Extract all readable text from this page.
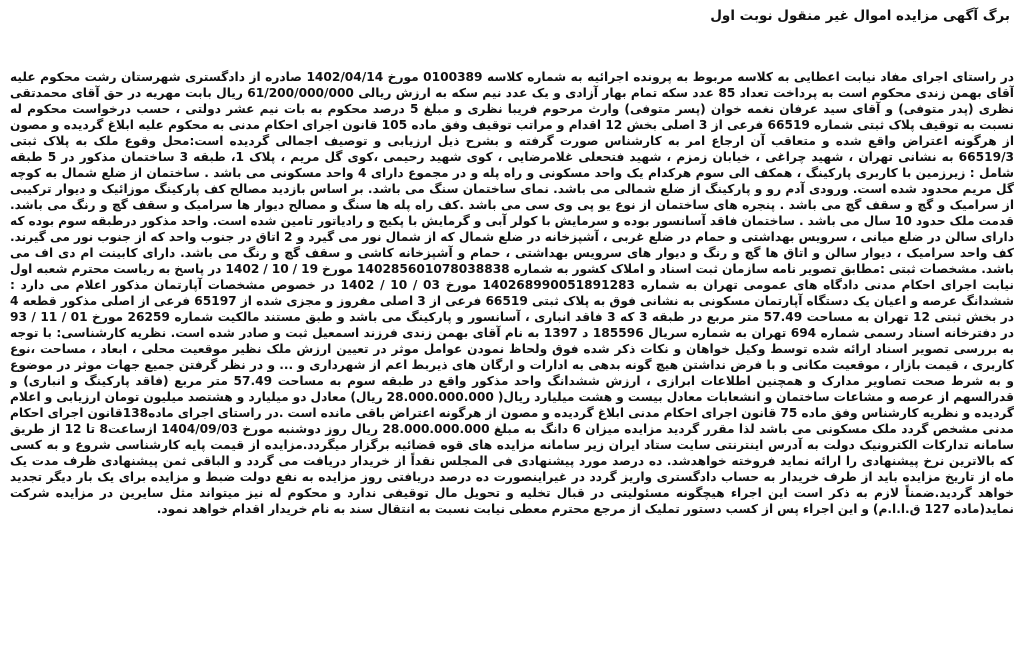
برگ آگهی مزایده اموال غیر منقول نوبت اول
در راستای اجرای مفاد نیابت اعطایی به کلاسه مربوط به پرونده اجرائیه به شماره کلاسه 0100389 مورخ 1402/04/14 صادره از دادگستری شهرستان رشت محکوم علیه آقای بهمن زندی محکوم است به پرداخت تعداد 85 عدد سکه تمام بهار آزادی و یک عدد نیم سکه به ارزش ریالی 61/200/000/000 ریال بابت مهریه در حق آقای محمدتقی نظری (پدر متوفی) و آقای سید عرفان نغمه خوان (پسر متوفی) وارث مرحوم فریبا نظری و مبلغ 5 درصد محکوم به بات نیم عشر دولتی ، حسب درخواست محکوم له نسبت به توقیف پلاک ثبتی شماره 66519 فرعی از 3 اصلی بخش 12 اقدام و مراتب توقیف وفق ماده 105 قانون اجرای احکام مدنی به محکوم علیه ابلاغ گردیده و مصون از هرگونه اعتراض واقع شده و متعاقب آن ارجاع امر به کارشناس صورت گرفته و بشرح ذیل ارزیابی و توصیف اجمالی گردیده است:محل وقوع ملک به پلاک ثبتی 66519/3 به نشانی تهران ، شهید چراغی ، خیابان زمزم ، شهید فتحعلی غلامرضایی ، کوی شهید رحیمی ،کوی گل مریم ، پلاک 1، طبقه 3 ساختمان مذکور در 5 طبقه شامل : زیرزمین با کاربری پارکینگ ، همکف الی سوم هرکدام یک واحد مسکونی و راه پله و در مجموع دارای 4 واحد مسکونی می باشد . ساختمان از ضلع شمال به کوچه گل مریم محدود شده است. ورودی آدم رو و پارکینگ از ضلع شمالی می باشد. نمای ساختمان سنگ می باشد. بر اساس بازدید مصالح کف پارکینگ موزائیک و دیوار ترکیبی از سرامیک و گچ و سقف گچ می باشد . پنجره های ساختمان از نوع یو پی وی سی می باشد .کف راه پله ها سنگ و مصالح دیوار ها سرامیک و سقف گچ و رنگ می باشد. قدمت ملک حدود 10 سال می باشد . ساختمان فاقد آسانسور بوده و سرمایش با کولر آبی و گرمایش با پکیج و رادیاتور تامین شده است. واحد مذکور درطبقه سوم بوده که دارای سالن در ضلع میانی ، سرویس بهداشتی و حمام در ضلع غربی ، آشپزخانه در ضلع شمال که از شمال نور می گیرد و 2 اتاق در جنوب واحد که از جنوب نور می گیرند. کف واحد سرامیک ، دیوار سالن و اتاق ها گچ و رنگ و دیوار های سرویس بهداشتی ، حمام و آشپزخانه کاشی و سقف گچ و رنگ می باشد. دارای کابینت ام دی اف می باشد. مشخصات ثبتی :مطابق تصویر نامه سازمان ثبت اسناد و املاک کشور به شماره 140285601078038838 مورخ 19 / 10 / 1402 در پاسخ به ریاست محترم شعبه اول نیابت اجرای احکام مدنی دادگاه های عمومی تهران به شماره 140268990051891283 مورخ 03 / 10 / 1402 در خصوص مشخصات آپارتمان مذکور اعلام می دارد : ششدانگ عرصه و اعیان یک دستگاه آپارتمان مسکونی به نشانی فوق به پلاک ثبتی 66519 فرعی از 3 اصلی مفروز و مجزی شده از 65197 فرعی از اصلی مذکور قطعه 4 در بخش ثبتی 12 تهران به مساحت 57.49 متر مربع در طبقه 3 که 3 فاقد انباری ، آسانسور و پارکینگ می باشد و طبق مستند مالکیت شماره 26259 مورخ 01 / 11 / 93 در دفترخانه اسناد رسمی شماره 694 تهران به شماره سریال 185596 د 1397 به نام آقای بهمن زندی فرزند اسمعیل ثبت و صادر شده است. نظریه کارشناسی: با توجه به بررسی تصویر اسناد ارائه شده توسط وکیل خواهان و نکات ذکر شده فوق ولحاظ نمودن عوامل موثر در تعیین ارزش ملک نظیر موقعیت محلی ، ابعاد ، مساحت ،نوع کاربری ، قیمت بازار ، موقعیت مکانی و با فرض نداشتن هیچ گونه بدهی به ادارات و ارگان های ذیربط اعم از شهرداری و ... و در نظر گرفتن جمیع جهات موثر در موضوع و به شرط صحت تصاویر مدارک و همچنین اطلاعات ابرازی ، ارزش ششدانگ واحد مذکور واقع در طبقه سوم به مساحت 57.49 متر مربع (فاقد پارکینگ و انباری) و قدرالسهم از عرصه و مشاعات ساختمان و انشعابات معادل بیست و هشت میلیارد ریال( 28.000.000.000 ریال) معادل دو میلیارد و هشتصد میلیون تومان ارزیابی و اعلام گردیده و نظریه کارشناس وفق ماده 75 قانون اجرای احکام مدنی ابلاغ گردیده و مصون از هرگونه اعتراض باقی مانده است .در راستای اجرای ماده138قانون اجرای احکام مدنی مشخص گردد ملک مسکونی می باشد لذا مقرر گردید مزایده میزان 6 دانگ به مبلغ 28.000.000.000 ریال روز دوشنبه مورخ 1404/09/03 ازساعت8 تا 12 از طریق سامانه تدارکات الکترونیک دولت به آدرس اینترنتی سایت ستاد ایران زیر سامانه مزایده های قوه قضائیه برگزار میگردد.مزایده از قیمت پایه کارشناسی شروع و به کسی که بالاترین نرخ پیشنهادی را ارائه نماید فروخته خواهدشد. ده درصد مورد پیشنهادی فی المجلس نقداً از خریدار دریافت می گردد و الباقی ثمن پیشنهادی ظرف مدت یک ماه از تاریخ مزایده باید از طرف خریدار به حساب دادگستری واریز گردد در غیراینصورت ده درصد دریافتی روز مزایده به نفع دولت ضبط و مزایده برای یک بار دیگر تجدید خواهد گردید.ضمناً لازم به ذکر است این اجراء هیچگونه مسئولیتی در قبال تخلیه و تحویل مال توقیفی ندارد و محکوم له نیز میتواند مثل سایرین در مزایده شرکت نماید(ماده 127 ق.ا.ا.م) و این اجراء پس از کسب دستور تملیک از مرجع محترم معطی نیابت نسبت به انتقال سند به نام خریدار اقدام خواهد نمود.
